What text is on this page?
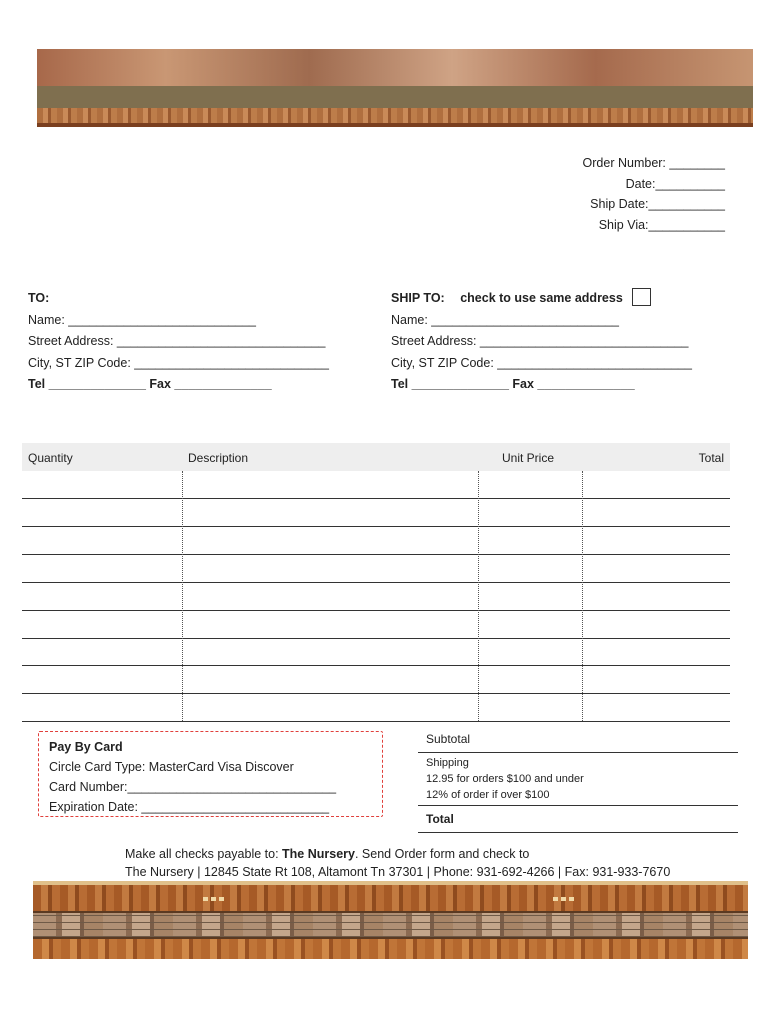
Order Number: ________
Date:__________
Ship Date:___________
Ship Via:___________
TO:
Name: ___________________________
Street Address: ______________________________
City, ST ZIP Code: ____________________________
Tel ______________ Fax ______________
SHIP TO: check to use same address
Name: ___________________________
Street Address: ______________________________
City, ST ZIP Code: ____________________________
Tel ______________ Fax ______________
Quantity	Description	Unit Price	Total
Pay By Card
Circle Card Type: MasterCard Visa Discover
Card Number:______________________________
Expiration Date: ___________________________
Subtotal
Shipping
12.95 for orders $100 and under
12% of order if over $100
Total
Make all checks payable to: The Nursery. Send Order form and check to
The Nursery | 12845 State Rt 108, Altamont Tn 37301 | Phone: 931-692-4266 | Fax: 931-933-7670
